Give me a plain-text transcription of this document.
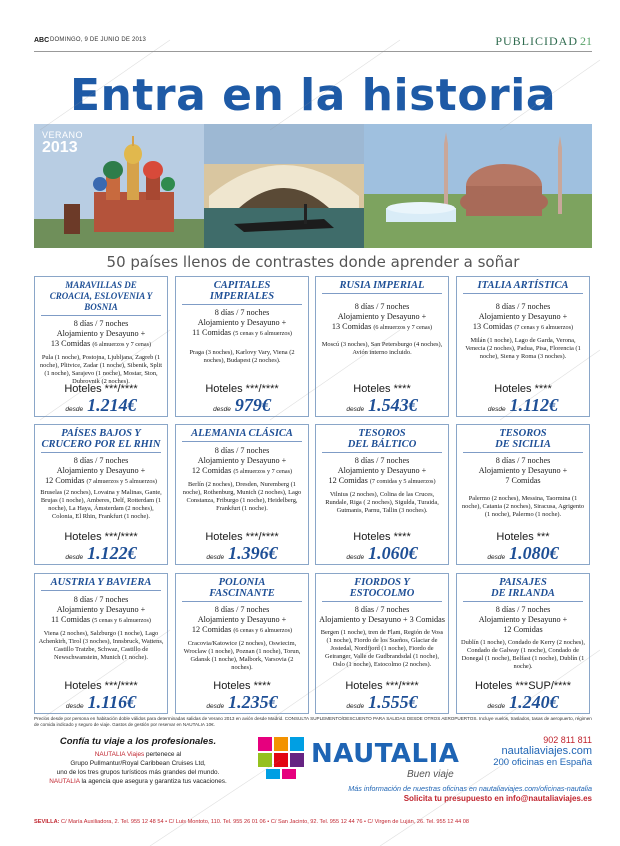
ABC DOMINGO, 9 DE JUNIO DE 2013	PUBLICIDAD 21
Entra en la historia
VERANO
2013
50 países llenos de contrastes donde aprender a soñar
MARAVILLAS DE
CROACIA, ESLOVENIA Y BOSNIA
8 días / 7 noches
Alojamiento y Desayuno +
13 Comidas (6 almuerzos y 7 cenas)
Pula (1 noche), Postojna, Ljubljana, Zagreb (1 noche), Plitvice, Zadar (1 noche), Sibenik, Split (1 noche), Sarajevo (1 noche), Mostar, Ston, Dubrovnik (2 noches).
Hoteles ***/****
desde 1.214€
CAPITALES
IMPERIALES
8 días / 7 noches
Alojamiento y Desayuno +
11 Comidas (5 cenas y 6 almuerzos)
Praga (3 noches), Karlovy Vary, Viena (2 noches), Budapest (2 noches).
Hoteles ***/****
desde 979€
RUSIA IMPERIAL
8 días / 7 noches
Alojamiento y Desayuno +
13 Comidas (6 almuerzos y 7 cenas)
Moscú (3 noches), San Petersburgo (4 noches), Avión interno incluido.
Hoteles ****
desde 1.543€
ITALIA ARTÍSTICA
8 días / 7 noches
Alojamiento y Desayuno +
13 Comidas (7 cenas y 6 almuerzos)
Milán (1 noche), Lago de Garda, Verona, Venecia (2 noches), Padua, Pisa, Florencia (1 noche), Siena y Roma (3 noches).
Hoteles ****
desde 1.112€
PAÍSES BAJOS Y
CRUCERO POR EL RHIN
8 días / 7 noches
Alojamiento y Desayuno +
12 Comidas (7 almuerzos y 5 almuerzos)
Bruselas (2 noches), Lovaina y Malinas, Gante, Brujas (1 noche), Amberes, Delf, Rotterdam (1 noche), La Haya, Ámsterdam (2 noches), Colonia, El Rhin, Frankfurt (1 noche).
Hoteles ***/****
desde 1.122€
ALEMANIA CLÁSICA
8 días / 7 noches
Alojamiento y Desayuno +
12 Comidas (5 almuerzos y 7 cenas)
Berlín (2 noches), Dresden, Nuremberg (1 noche), Rothenburg, Munich (2 noches), Lago Constanza, Friburgo (1 noche), Heidelberg, Frankfurt (1 noche).
Hoteles ***/****
desde 1.396€
TESOROS
DEL BÁLTICO
8 días / 7 noches
Alojamiento y Desayuno +
12 Comidas (7 comidas y 5 almuerzos)
Vilnius (2 noches), Colina de las Cruces, Rundale, Riga ( 2 noches), Sigulda, Turaida, Gutmanis, Parnu, Tallin (3 noches).
Hoteles ****
desde 1.060€
TESOROS
DE SICILIA
8 días / 7 noches
Alojamiento y Desayuno +
7 Comidas
Palermo (2 noches), Messina, Taormina (1 noche), Catania (2 noches), Siracusa, Agrigento (1 noche), Palermo (1 noche).
Hoteles ***
desde 1.080€
AUSTRIA Y BAVIERA
8 días / 7 noches
Alojamiento y Desayuno +
11 Comidas (5 cenas y 6 almuerzos)
Viena (2 noches), Salzburgo (1 noche), Lago Achenkirh, Tirol (3 noches), Innsbruck, Wattens, Castillo Tratzbe, Schwaz, Castillo de Newschwanstein, Munich (1 noche).
Hoteles ***/****
desde 1.116€
POLONIA
FASCINANTE
8 días / 7 noches
Alojamiento y Desayuno +
12 Comidas (6 cenas y 6 almuerzos)
Cracovia/Katowice (2 noches), Oswiecim, Wroclaw (1 noche), Poznan (1 noche), Torun, Gdansk (1 noche), Malbork, Varsovia (2 noches).
Hoteles ****
desde 1.235€
FIORDOS Y
ESTOCOLMO
8 días / 7 noches
Alojamiento y Desayuno + 3 Comidas
Bergen (1 noche), tren de Flam, Región de Voss (1 noche), Fiordo de los Sueños, Glaciar de Jostedal, Nordfjord (1 noche), Fiordo de Geiranger, Valle de Gudbrandsdal (1 noche), Oslo (1 noche), Estocolmo (2 noches).
Hoteles ***/****
desde 1.555€
PAISAJES
DE IRLANDA
8 días / 7 noches
Alojamiento y Desayuno +
12 Comidas
Dublín (1 noche), Condado de Kerry (2 noches), Condado de Galway (1 noche), Condado de Donegal (1 noche), Belfast (1 noche), Dublín (1 noche).
Hoteles ***SUP/****
desde 1.240€
Precios desde por persona en habitación doble válidos para determinadas salidas de Verano 2013 en avión desde Madrid. CONSULTA SUPLEMENTO/DESCUENTO PARA SALIDAS DESDE OTROS AEROPUERTOS. Incluye vuelos, traslados, tasas de aeropuerto, régimen de comida indicado y seguro de viaje. Gastos de gestión por reservar en NAUTALIA 10€.
Confía tu viaje a los profesionales.
NAUTALIA Viajes pertenece al
Grupo Pullmantur/Royal Caribbean Cruises Ltd,
uno de los tres grupos turísticos más grandes del mundo.
NAUTALIA la agencia que asegura y garantiza tus vacaciones.
NAUTALIA
Buen viaje
902 811 811
nautaliaviajes.com
200 oficinas en España
Más información de nuestras oficinas en nautaliaviajes.com/oficinas-nautalia
Solicita tu presupuesto en info@nautaliaviajes.es
SEVILLA: C/ María Auxiliadora, 2. Tel. 955 12 48 54 • C/ Luis Montoto, 110. Tel. 955 26 01 06 • C/ San Jacinto, 92. Tel. 955 12 44 76 • C/ Virgen de Luján, 26. Tel. 955 12 44 08
